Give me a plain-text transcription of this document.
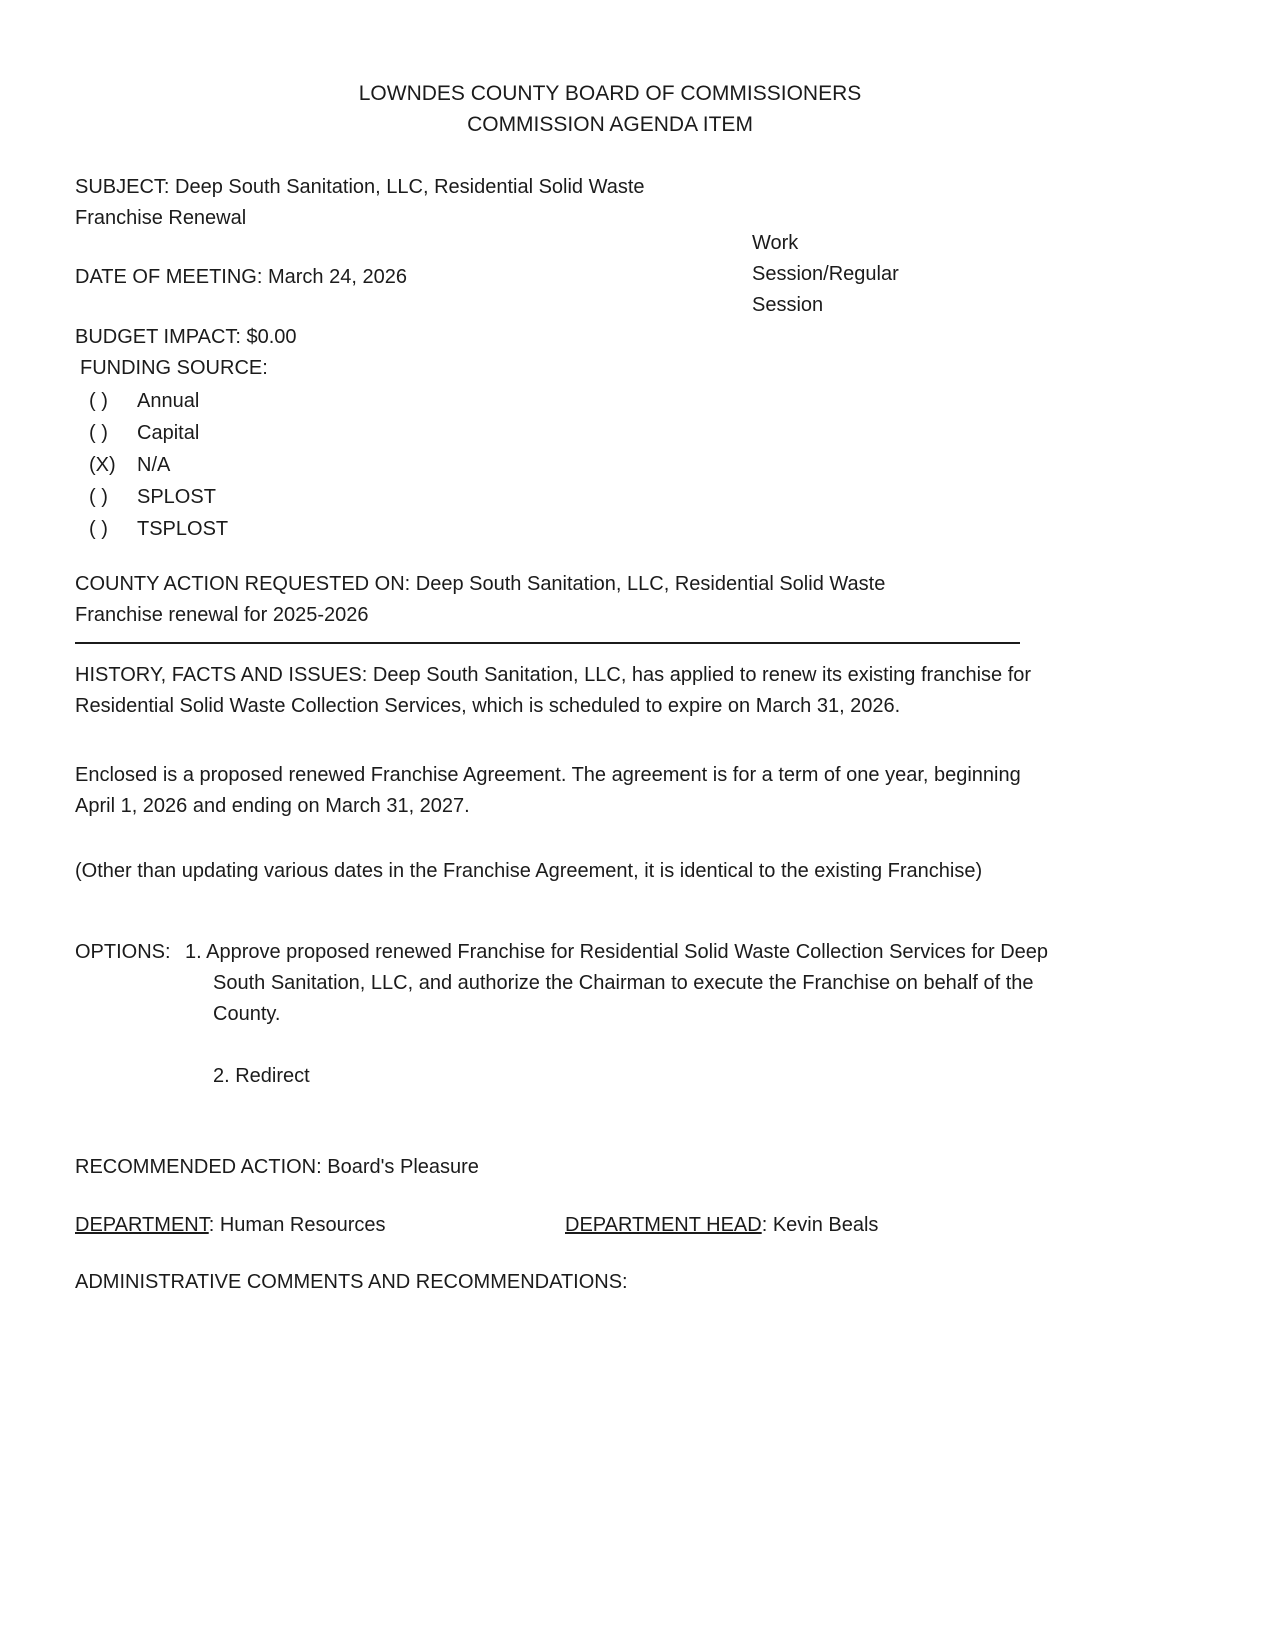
Work Session/Regular Session
LOWNDES COUNTY BOARD OF COMMISSIONERS
COMMISSION AGENDA ITEM
SUBJECT: Deep South Sanitation, LLC, Residential Solid Waste
Franchise Renewal
DATE OF MEETING: March 24, 2026
BUDGET IMPACT: $0.00
FUNDING SOURCE:
( ) Annual
( ) Capital
(X) N/A
( ) SPLOST
( ) TSPLOST
COUNTY ACTION REQUESTED ON: Deep South Sanitation, LLC, Residential Solid Waste
Franchise renewal for 2025-2026
HISTORY, FACTS AND ISSUES: Deep South Sanitation, LLC, has applied to renew its existing franchise for
Residential Solid Waste Collection Services, which is scheduled to expire on March 31, 2026.
Enclosed is a proposed renewed Franchise Agreement. The agreement is for a term of one year, beginning
April 1, 2026 and ending on March 31, 2027.
(Other than updating various dates in the Franchise Agreement, it is identical to the existing Franchise)
OPTIONS: 1. Approve proposed renewed Franchise for Residential Solid Waste Collection Services for Deep
South Sanitation, LLC, and authorize the Chairman to execute the Franchise on behalf of the
County.
2. Redirect
RECOMMENDED ACTION: Board's Pleasure
DEPARTMENT: Human Resources	DEPARTMENT HEAD: Kevin Beals
ADMINISTRATIVE COMMENTS AND RECOMMENDATIONS:
